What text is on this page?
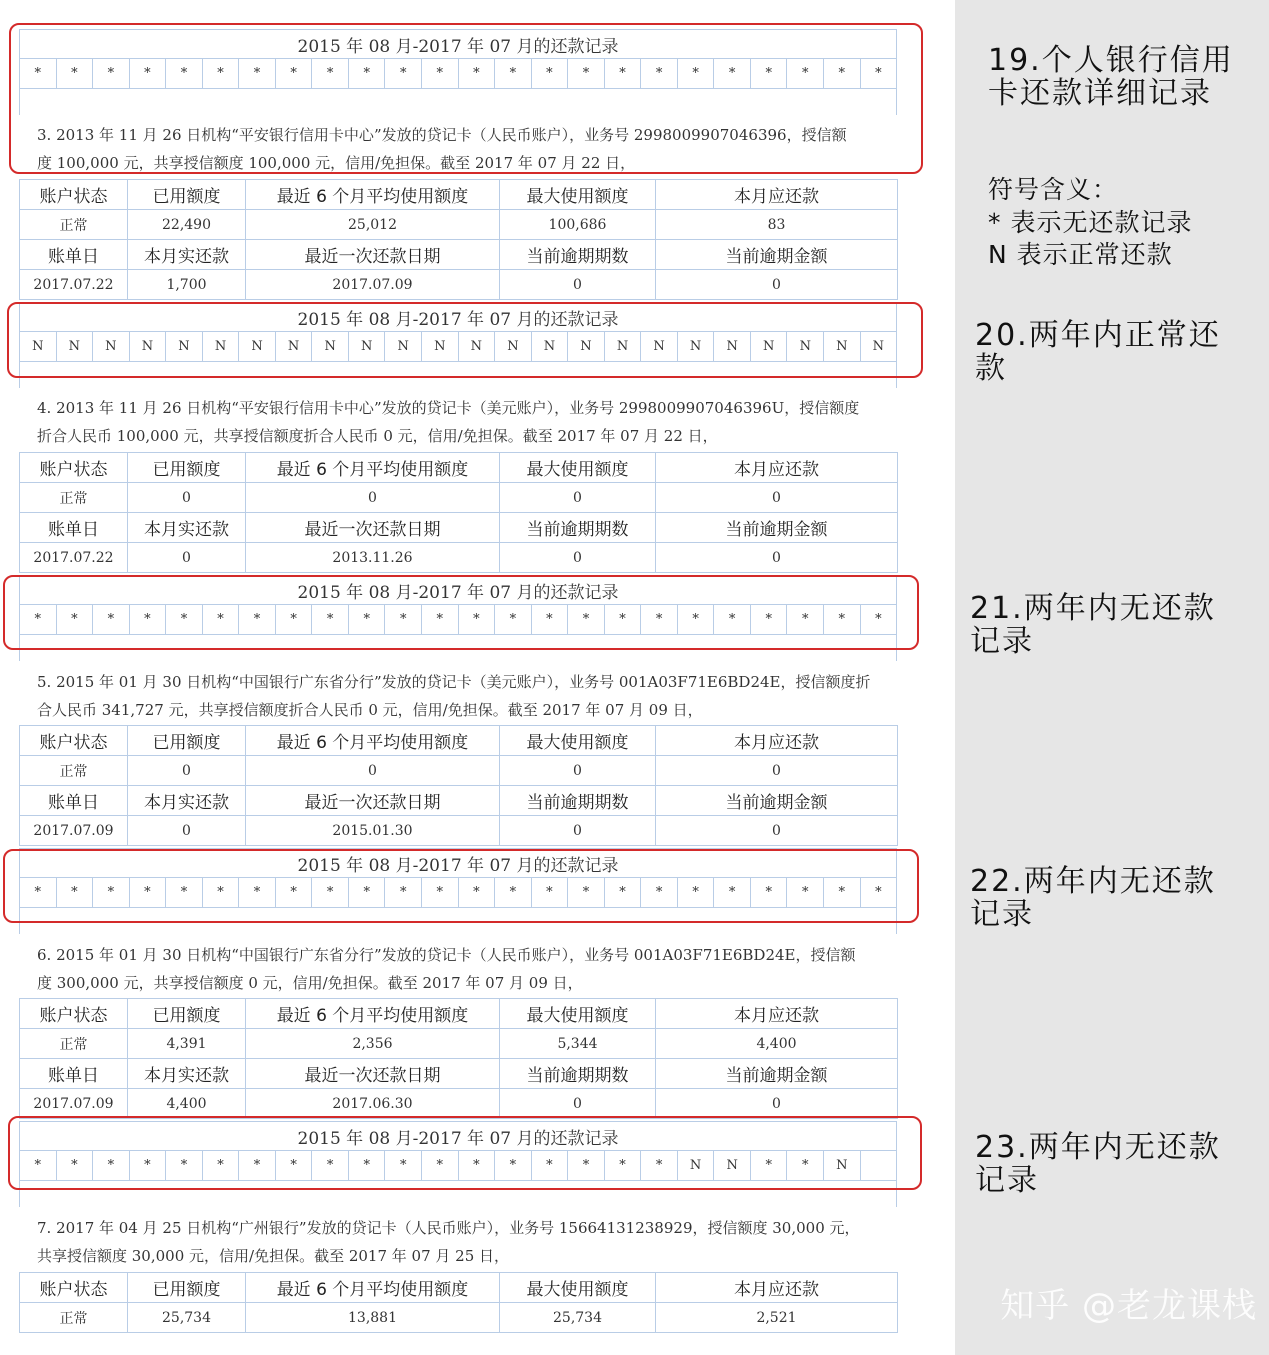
2015 年 08 月-2017 年 07 月的还款记录
*	*	*	*	*	*	*	*	*	*	*	*	*	*	*	*	*	*	*	*	*	*	*	*
3. 2013 年 11 月 26 日机构“平安银行信用卡中心”发放的贷记卡（人民币账户），业务号 2998009907046396，授信额
度 100,000 元，共享授信额度 100,000 元，信用/免担保。截至 2017 年 07 月 22 日，
账户状态	已用额度	最近 6 个月平均使用额度	最大使用额度	本月应还款
正常	22,490	25,012	100,686	83
账单日	本月实还款	最近一次还款日期	当前逾期期数	当前逾期金额
2017.07.22	1,700	2017.07.09	0	0
2015 年 08 月-2017 年 07 月的还款记录
N	N	N	N	N	N	N	N	N	N	N	N	N	N	N	N	N	N	N	N	N	N	N	N
4. 2013 年 11 月 26 日机构“平安银行信用卡中心”发放的贷记卡（美元账户），业务号 2998009907046396U，授信额度
折合人民币 100,000 元，共享授信额度折合人民币 0 元，信用/免担保。截至 2017 年 07 月 22 日，
账户状态	已用额度	最近 6 个月平均使用额度	最大使用额度	本月应还款
正常	0	0	0	0
账单日	本月实还款	最近一次还款日期	当前逾期期数	当前逾期金额
2017.07.22	0	2013.11.26	0	0
2015 年 08 月-2017 年 07 月的还款记录
*	*	*	*	*	*	*	*	*	*	*	*	*	*	*	*	*	*	*	*	*	*	*	*
5. 2015 年 01 月 30 日机构“中国银行广东省分行”发放的贷记卡（美元账户），业务号 001A03F71E6BD24E，授信额度折
合人民币 341,727 元，共享授信额度折合人民币 0 元，信用/免担保。截至 2017 年 07 月 09 日，
账户状态	已用额度	最近 6 个月平均使用额度	最大使用额度	本月应还款
正常	0	0	0	0
账单日	本月实还款	最近一次还款日期	当前逾期期数	当前逾期金额
2017.07.09	0	2015.01.30	0	0
2015 年 08 月-2017 年 07 月的还款记录
*	*	*	*	*	*	*	*	*	*	*	*	*	*	*	*	*	*	*	*	*	*	*	*
6. 2015 年 01 月 30 日机构“中国银行广东省分行”发放的贷记卡（人民币账户），业务号 001A03F71E6BD24E，授信额
度 300,000 元，共享授信额度 0 元，信用/免担保。截至 2017 年 07 月 09 日，
账户状态	已用额度	最近 6 个月平均使用额度	最大使用额度	本月应还款
正常	4,391	2,356	5,344	4,400
账单日	本月实还款	最近一次还款日期	当前逾期期数	当前逾期金额
2017.07.09	4,400	2017.06.30	0	0
2015 年 08 月-2017 年 07 月的还款记录
*	*	*	*	*	*	*	*	*	*	*	*	*	*	*	*	*	*	N	N	*	*	N
7. 2017 年 04 月 25 日机构“广州银行”发放的贷记卡（人民币账户），业务号 15664131238929，授信额度 30,000 元，
共享授信额度 30,000 元，信用/免担保。截至 2017 年 07 月 25 日，
账户状态	已用额度	最近 6 个月平均使用额度	最大使用额度	本月应还款
正常	25,734	13,881	25,734	2,521
19.个人银行信用卡还款详细记录
符号含义：
* 表示无还款记录
N 表示正常还款
20.两年内正常还款
21.两年内无还款记录
22.两年内无还款记录
23.两年内无还款记录
知乎 @老龙课栈
